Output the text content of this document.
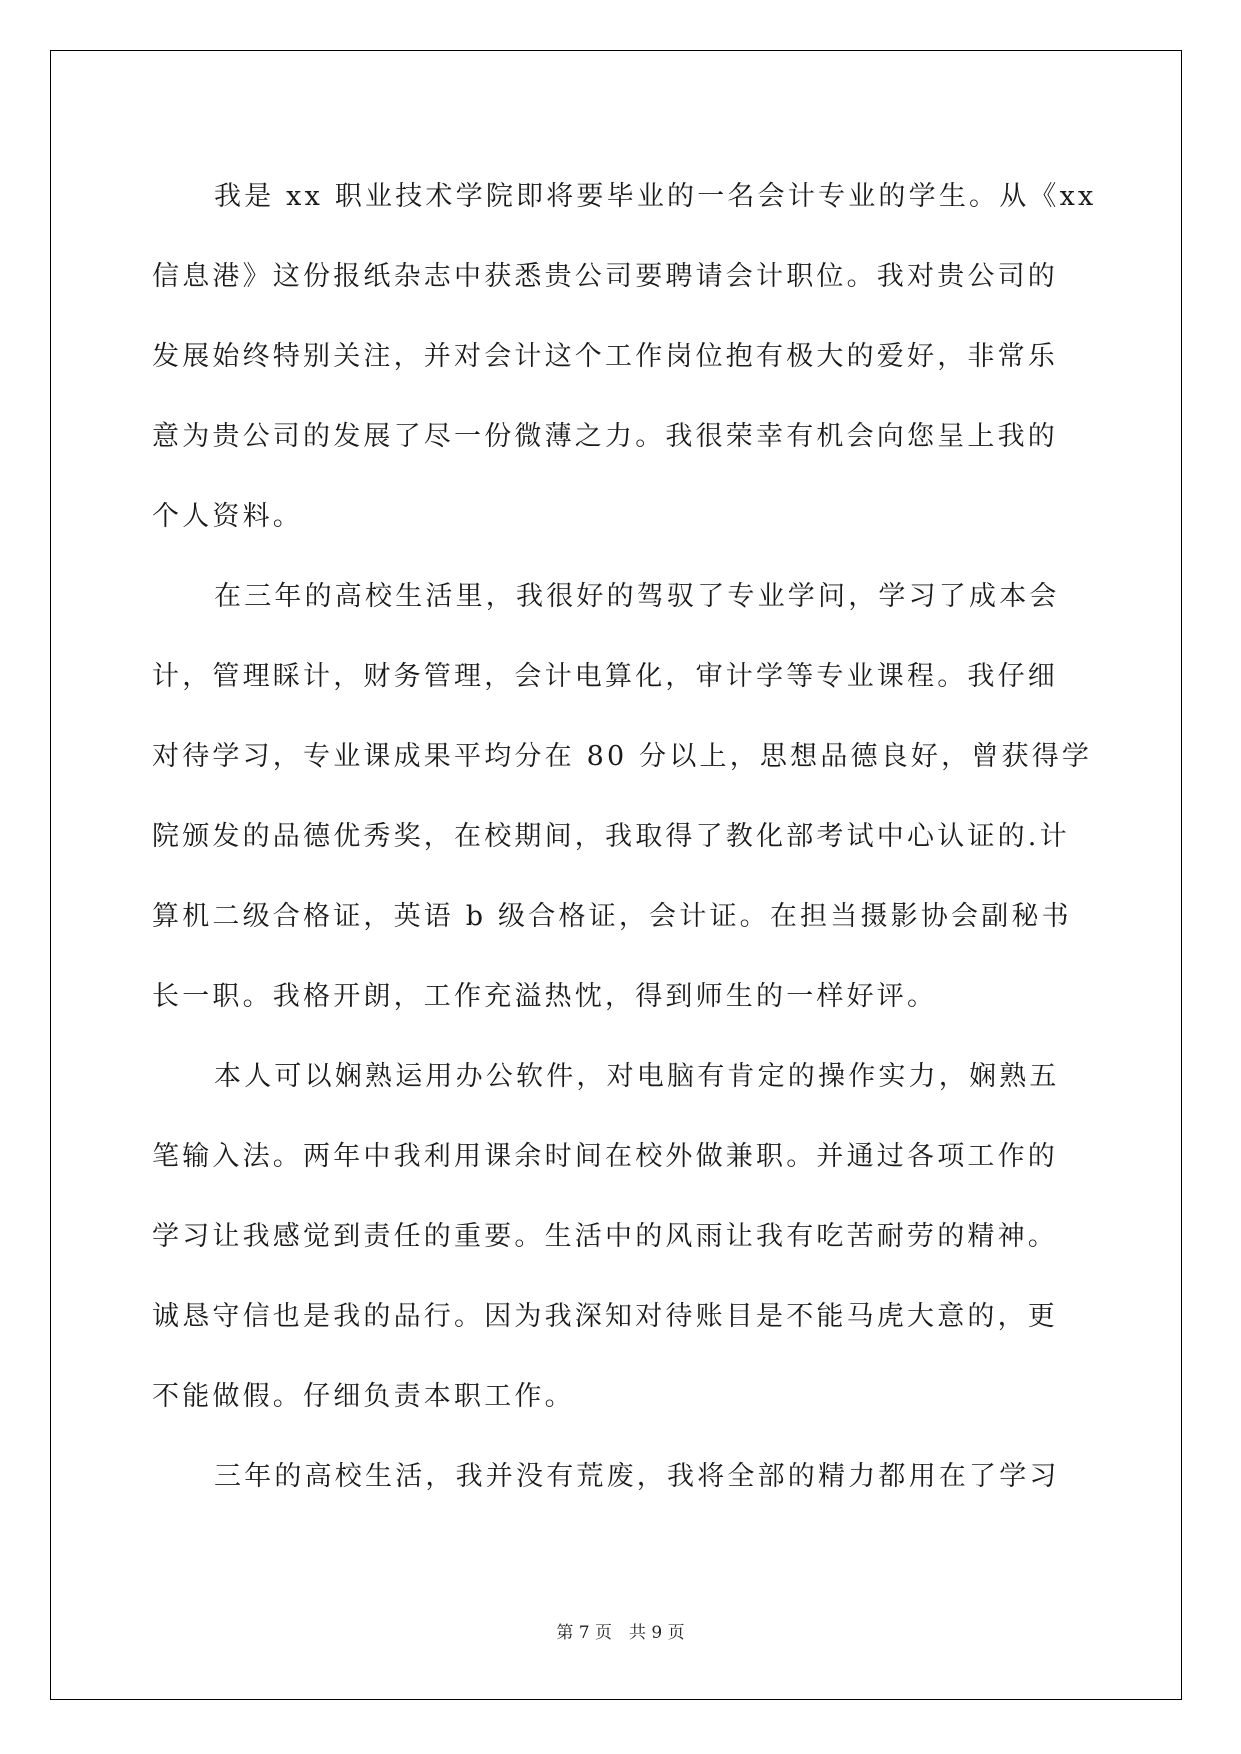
我是 xx 职业技术学院即将要毕业的一名会计专业的学生。从《xx
信息港》这份报纸杂志中获悉贵公司要聘请会计职位。我对贵公司的
发展始终特别关注，并对会计这个工作岗位抱有极大的爱好，非常乐
意为贵公司的发展了尽一份微薄之力。我很荣幸有机会向您呈上我的
个人资料。
在三年的高校生活里，我很好的驾驭了专业学问，学习了成本会
计，管理睬计，财务管理，会计电算化，审计学等专业课程。我仔细
对待学习，专业课成果平均分在 80 分以上，思想品德良好，曾获得学
院颁发的品德优秀奖，在校期间，我取得了教化部考试中心认证的.计
算机二级合格证，英语 b 级合格证，会计证。在担当摄影协会副秘书
长一职。我格开朗，工作充溢热忱，得到师生的一样好评。
本人可以娴熟运用办公软件，对电脑有肯定的操作实力，娴熟五
笔输入法。两年中我利用课余时间在校外做兼职。并通过各项工作的
学习让我感觉到责任的重要。生活中的风雨让我有吃苦耐劳的精神。
诚恳守信也是我的品行。因为我深知对待账目是不能马虎大意的，更
不能做假。仔细负责本职工作。
三年的高校生活，我并没有荒废，我将全部的精力都用在了学习
第 7 页　共 9 页
